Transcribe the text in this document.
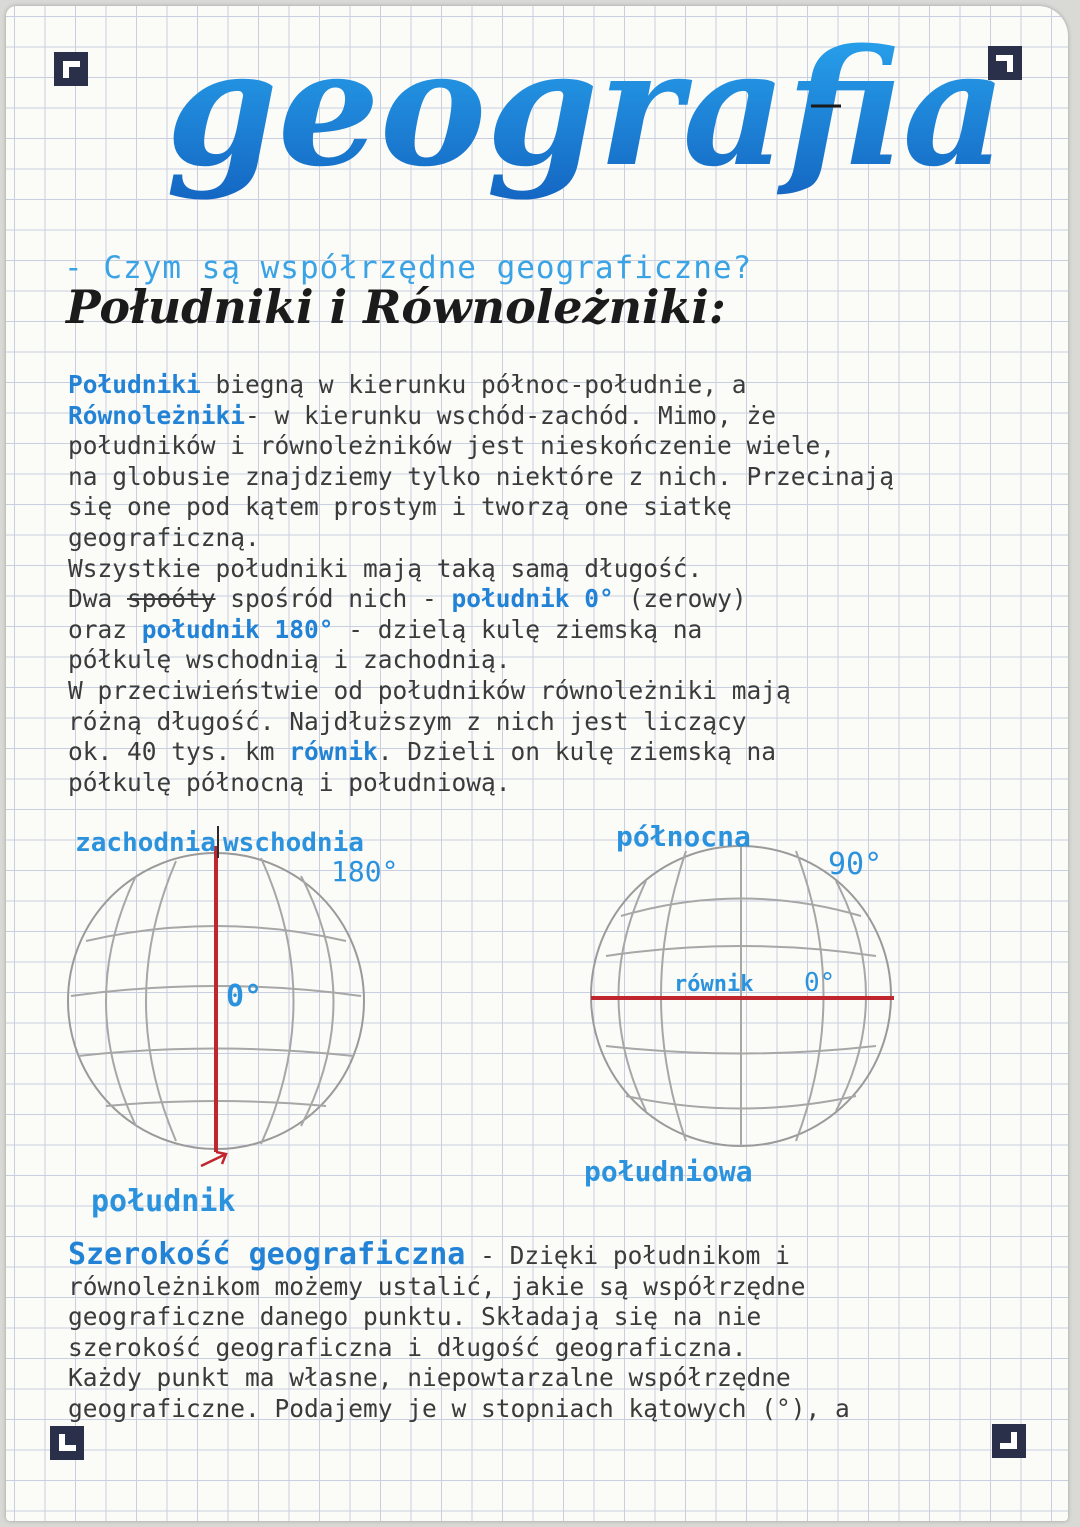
geografia
- Czym są współrzędne geograficzne?
Południki i Równoleżniki:
Południki biegną w kierunku północ-południe, a
Równoleżniki- w kierunku wschód-zachód. Mimo, że
południków i równoleżników jest nieskończenie wiele,
na globusie znajdziemy tylko niektóre z nich. Przecinają
się one pod kątem prostym i tworzą one siatkę
geograficzną.
Wszystkie południki mają taką samą długość.
Dwa spoóty spośród nich - południk 0° (zerowy)
oraz południk 180° - dzielą kulę ziemską na
półkulę wschodnią i zachodnią.
W przeciwieństwie od południków równoleżniki mają
różną długość. Najdłuższym z nich jest liczący
ok. 40 tys. km równik. Dzieli on kulę ziemską na
półkulę północną i południową.
zachodnia wschodnia
180°
0°
południk
północna
90°
równik 0°
południowa
Szerokość geograficzna - Dzięki południkom i
równoleżnikom możemy ustalić, jakie są współrzędne
geograficzne danego punktu. Składają się na nie
szerokość geograficzna i długość geograficzna.
Każdy punkt ma własne, niepowtarzalne współrzędne
geograficzne. Podajemy je w stopniach kątowych (°), a
